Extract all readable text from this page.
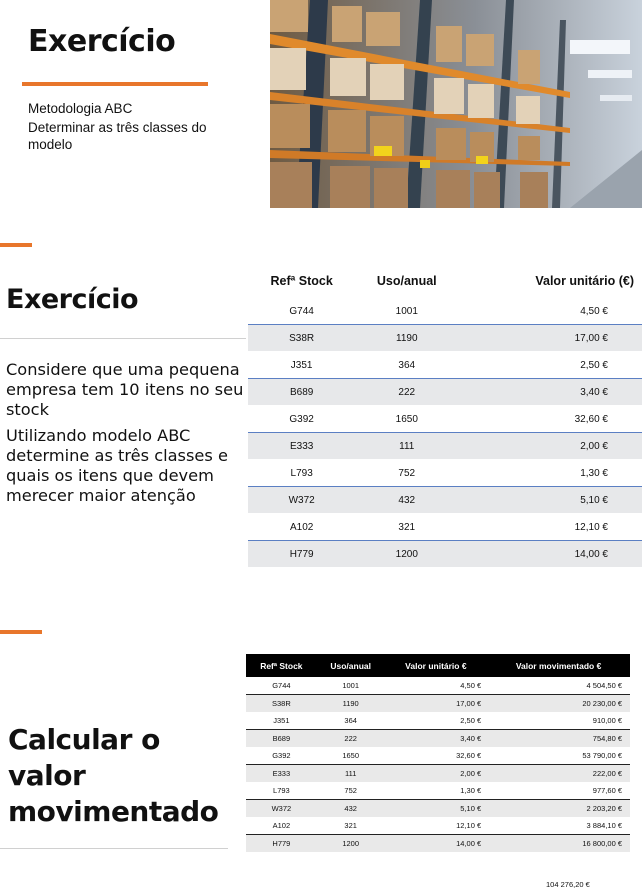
Exercício
Metodologia ABC
Determinar as três classes do modelo
Exercício

Considere que uma pequena empresa tem 10 itens no seu stock

Utilizando modelo ABC determine as três classes e quais os itens que devem merecer maior atenção

Refª Stock	Uso/anual	Valor unitário (€)
G744	1001	4,50 €
S38R	1190	17,00 €
J351	364	2,50 €
B689	222	3,40 €
G392	1650	32,60 €
E333	111	2,00 €
L793	752	1,30 €
W372	432	5,10 €
A102	321	12,10 €
H779	1200	14,00 €
Calcular o valor movimentado
Refª Stock	Uso/anual	Valor unitário €	Valor movimentado €
G744	1001	4,50 €	4 504,50 €
S38R	1190	17,00 €	20 230,00 €
J351	364	2,50 €	910,00 €
B689	222	3,40 €	754,80 €
G392	1650	32,60 €	53 790,00 €
E333	111	2,00 €	222,00 €
L793	752	1,30 €	977,60 €
W372	432	5,10 €	2 203,20 €
A102	321	12,10 €	3 884,10 €
H779	1200	14,00 €	16 800,00 €
104 276,20 €
